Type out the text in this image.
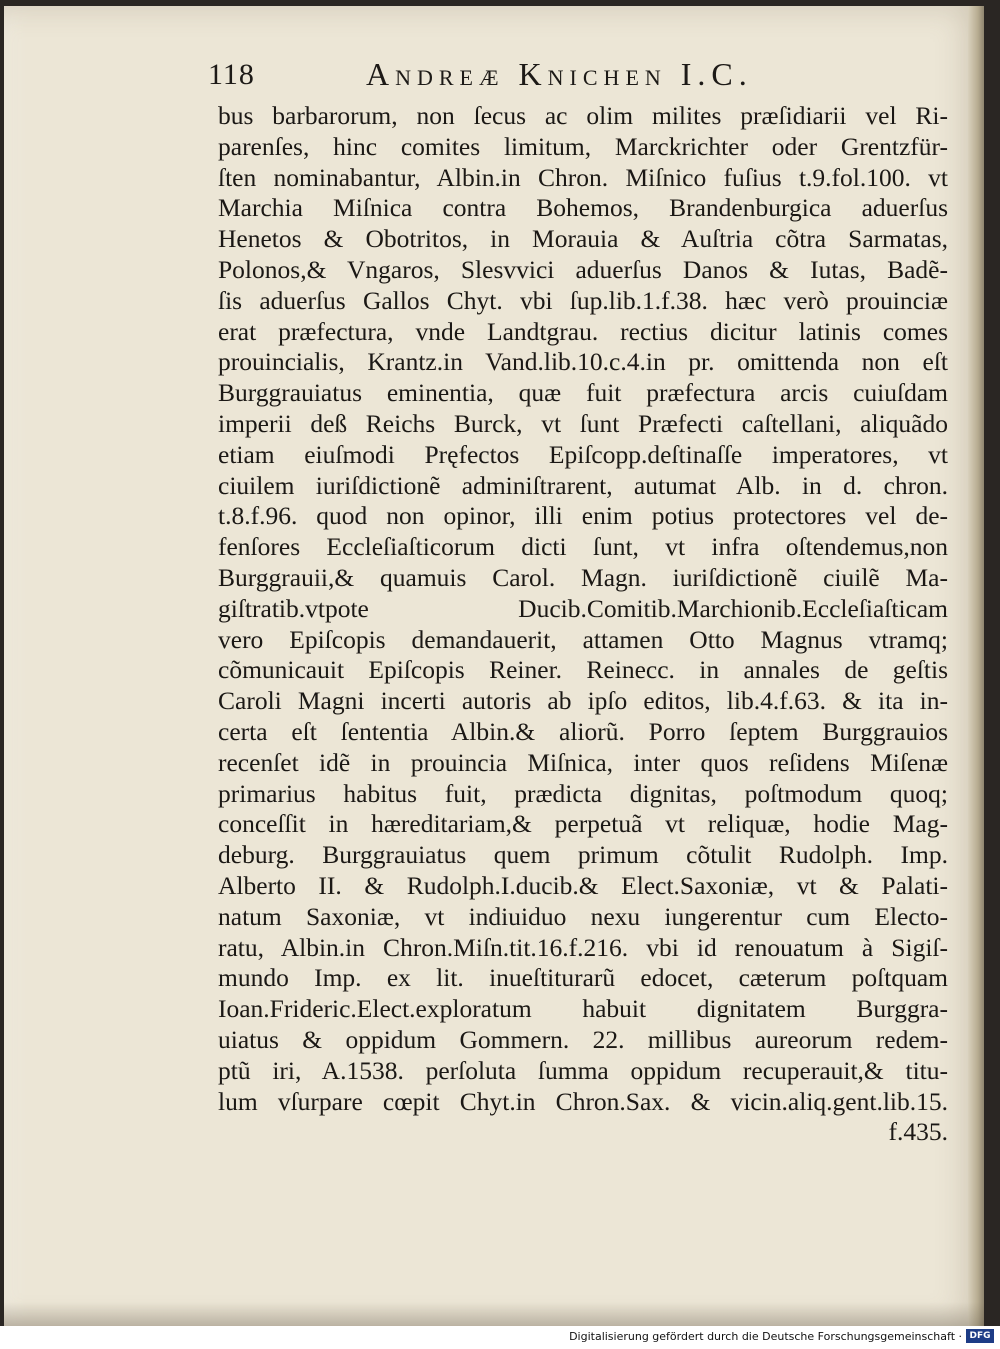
118	Andreæ Knichen I.C.
bus barbarorum, non ſecus ac olim milites præſidiarii vel Ri-
parenſes, hinc comites limitum, Marckrichter oder Grentzfür-
ſten nominabantur, Albin.in Chron. Miſnico fuſius t.9.fol.100. vt
Marchia Miſnica contra Bohemos, Brandenburgica aduerſus
Henetos & Obotritos, in Morauia & Auſtria cõtra Sarmatas,
Polonos,& Vngaros, Slesvvici aduerſus Danos & Iutas, Badẽ-
ſis aduerſus Gallos Chyt. vbi ſup.lib.1.f.38. hæc verò prouinciæ
erat præfectura, vnde Landtgrau. rectius dicitur latinis comes
prouincialis, Krantz.in Vand.lib.10.c.4.in pr. omittenda non eſt
Burggrauiatus eminentia, quæ fuit præfectura arcis cuiuſdam
imperii deß Reichs Burck, vt ſunt Præfecti caſtellani, aliquãdo
etiam eiuſmodi Pręfectos Epiſcopp.deſtinaſſe imperatores, vt
ciuilem iuriſdictionẽ adminiſtrarent, autumat Alb. in d. chron.
t.8.f.96. quod non opinor, illi enim potius protectores vel de-
fenſores Eccleſiaſticorum dicti ſunt, vt infra oſtendemus,non
Burggrauii,& quamuis Carol. Magn. iuriſdictionẽ ciuilẽ Ma-
giſtratib.vtpote Ducib.Comitib.Marchionib.Eccleſiaſticam
vero Epiſcopis demandauerit, attamen Otto Magnus vtramq;
cõmunicauit Epiſcopis Reiner. Reinecc. in annales de geſtis
Caroli Magni incerti autoris ab ipſo editos, lib.4.f.63. & ita in-
certa eſt ſententia Albin.& aliorũ. Porro ſeptem Burggrauios
recenſet idẽ in prouincia Miſnica, inter quos reſidens Miſenæ
primarius habitus fuit, prædicta dignitas, poſtmodum quoq;
conceſſit in hæreditariam,& perpetuã vt reliquæ, hodie Mag-
deburg. Burggrauiatus quem primum cõtulit Rudolph. Imp.
Alberto II. & Rudolph.I.ducib.& Elect.Saxoniæ, vt & Palati-
natum Saxoniæ, vt indiuiduo nexu iungerentur cum Electo-
ratu, Albin.in Chron.Miſn.tit.16.f.216. vbi id renouatum à Sigiſ-
mundo Imp. ex lit. inueſtiturarũ edocet, cæterum poſtquam
Ioan.Frideric.Elect.exploratum habuit dignitatem Burggra-
uiatus & oppidum Gommern. 22. millibus aureorum redem-
ptũ iri, A.1538. perſoluta ſumma oppidum recuperauit,& titu-
lum vſurpare cœpit Chyt.in Chron.Sax. & vicin.aliq.gent.lib.15.
f.435.
Digitalisierung gefördert durch die Deutsche Forschungsgemeinschaft · DFG
